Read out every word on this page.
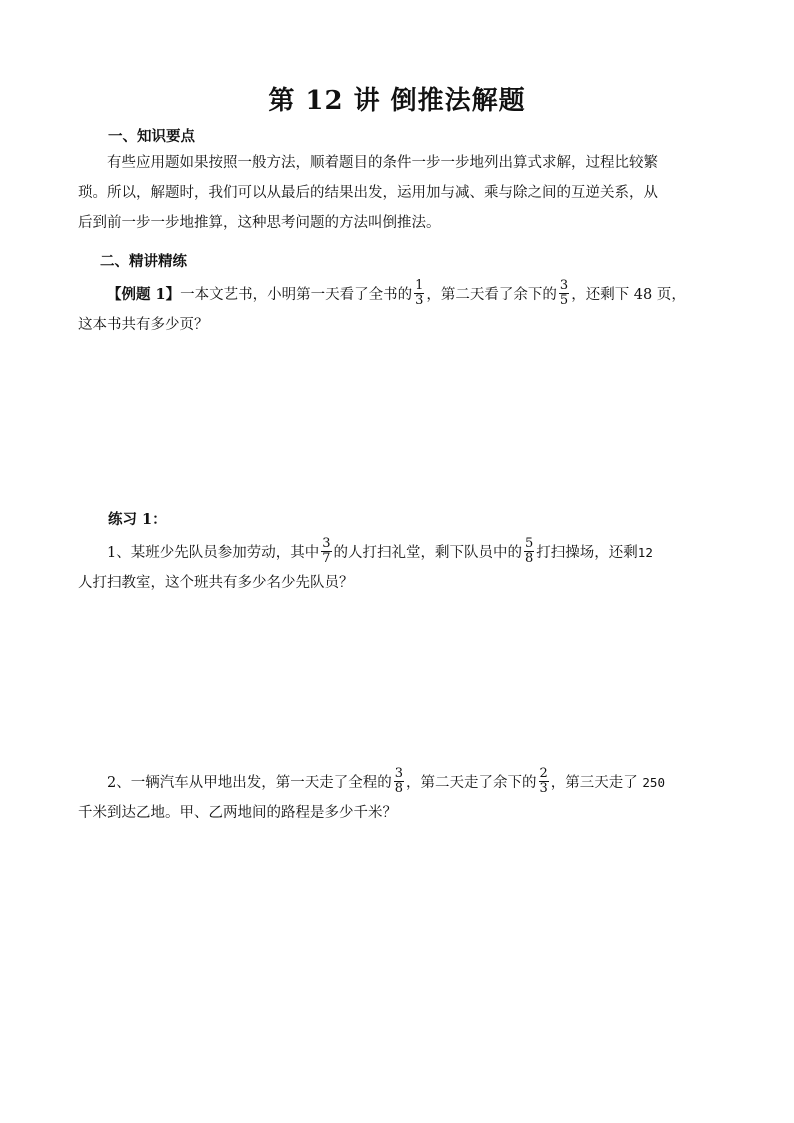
第 12 讲 倒推法解题
一、知识要点
有些应用题如果按照一般方法，顺着题目的条件一步一步地列出算式求解，过程比较繁
琐。所以，解题时，我们可以从最后的结果出发，运用加与减、乘与除之间的互逆关系，从
后到前一步一步地推算，这种思考问题的方法叫倒推法。
二、精讲精练
【例题 1】一本文艺书，小明第一天看了全书的 $\frac{1}{3}$ ，第二天看了余下的 $\frac{3}{5}$ ，还剩下 48 页，
这本书共有多少页？
练习 1：
1、某班少先队员参加劳动，其中 $\frac{3}{7}$ 的人打扫礼堂，剩下队员中的 $\frac{5}{8}$ 打扫操场，还剩12
人打扫教室，这个班共有多少名少先队员？
2、一辆汽车从甲地出发，第一天走了全程的 $\frac{3}{8}$ ，第二天走了余下的 $\frac{2}{3}$ ，第三天走了 250
千米到达乙地。甲、乙两地间的路程是多少千米？
